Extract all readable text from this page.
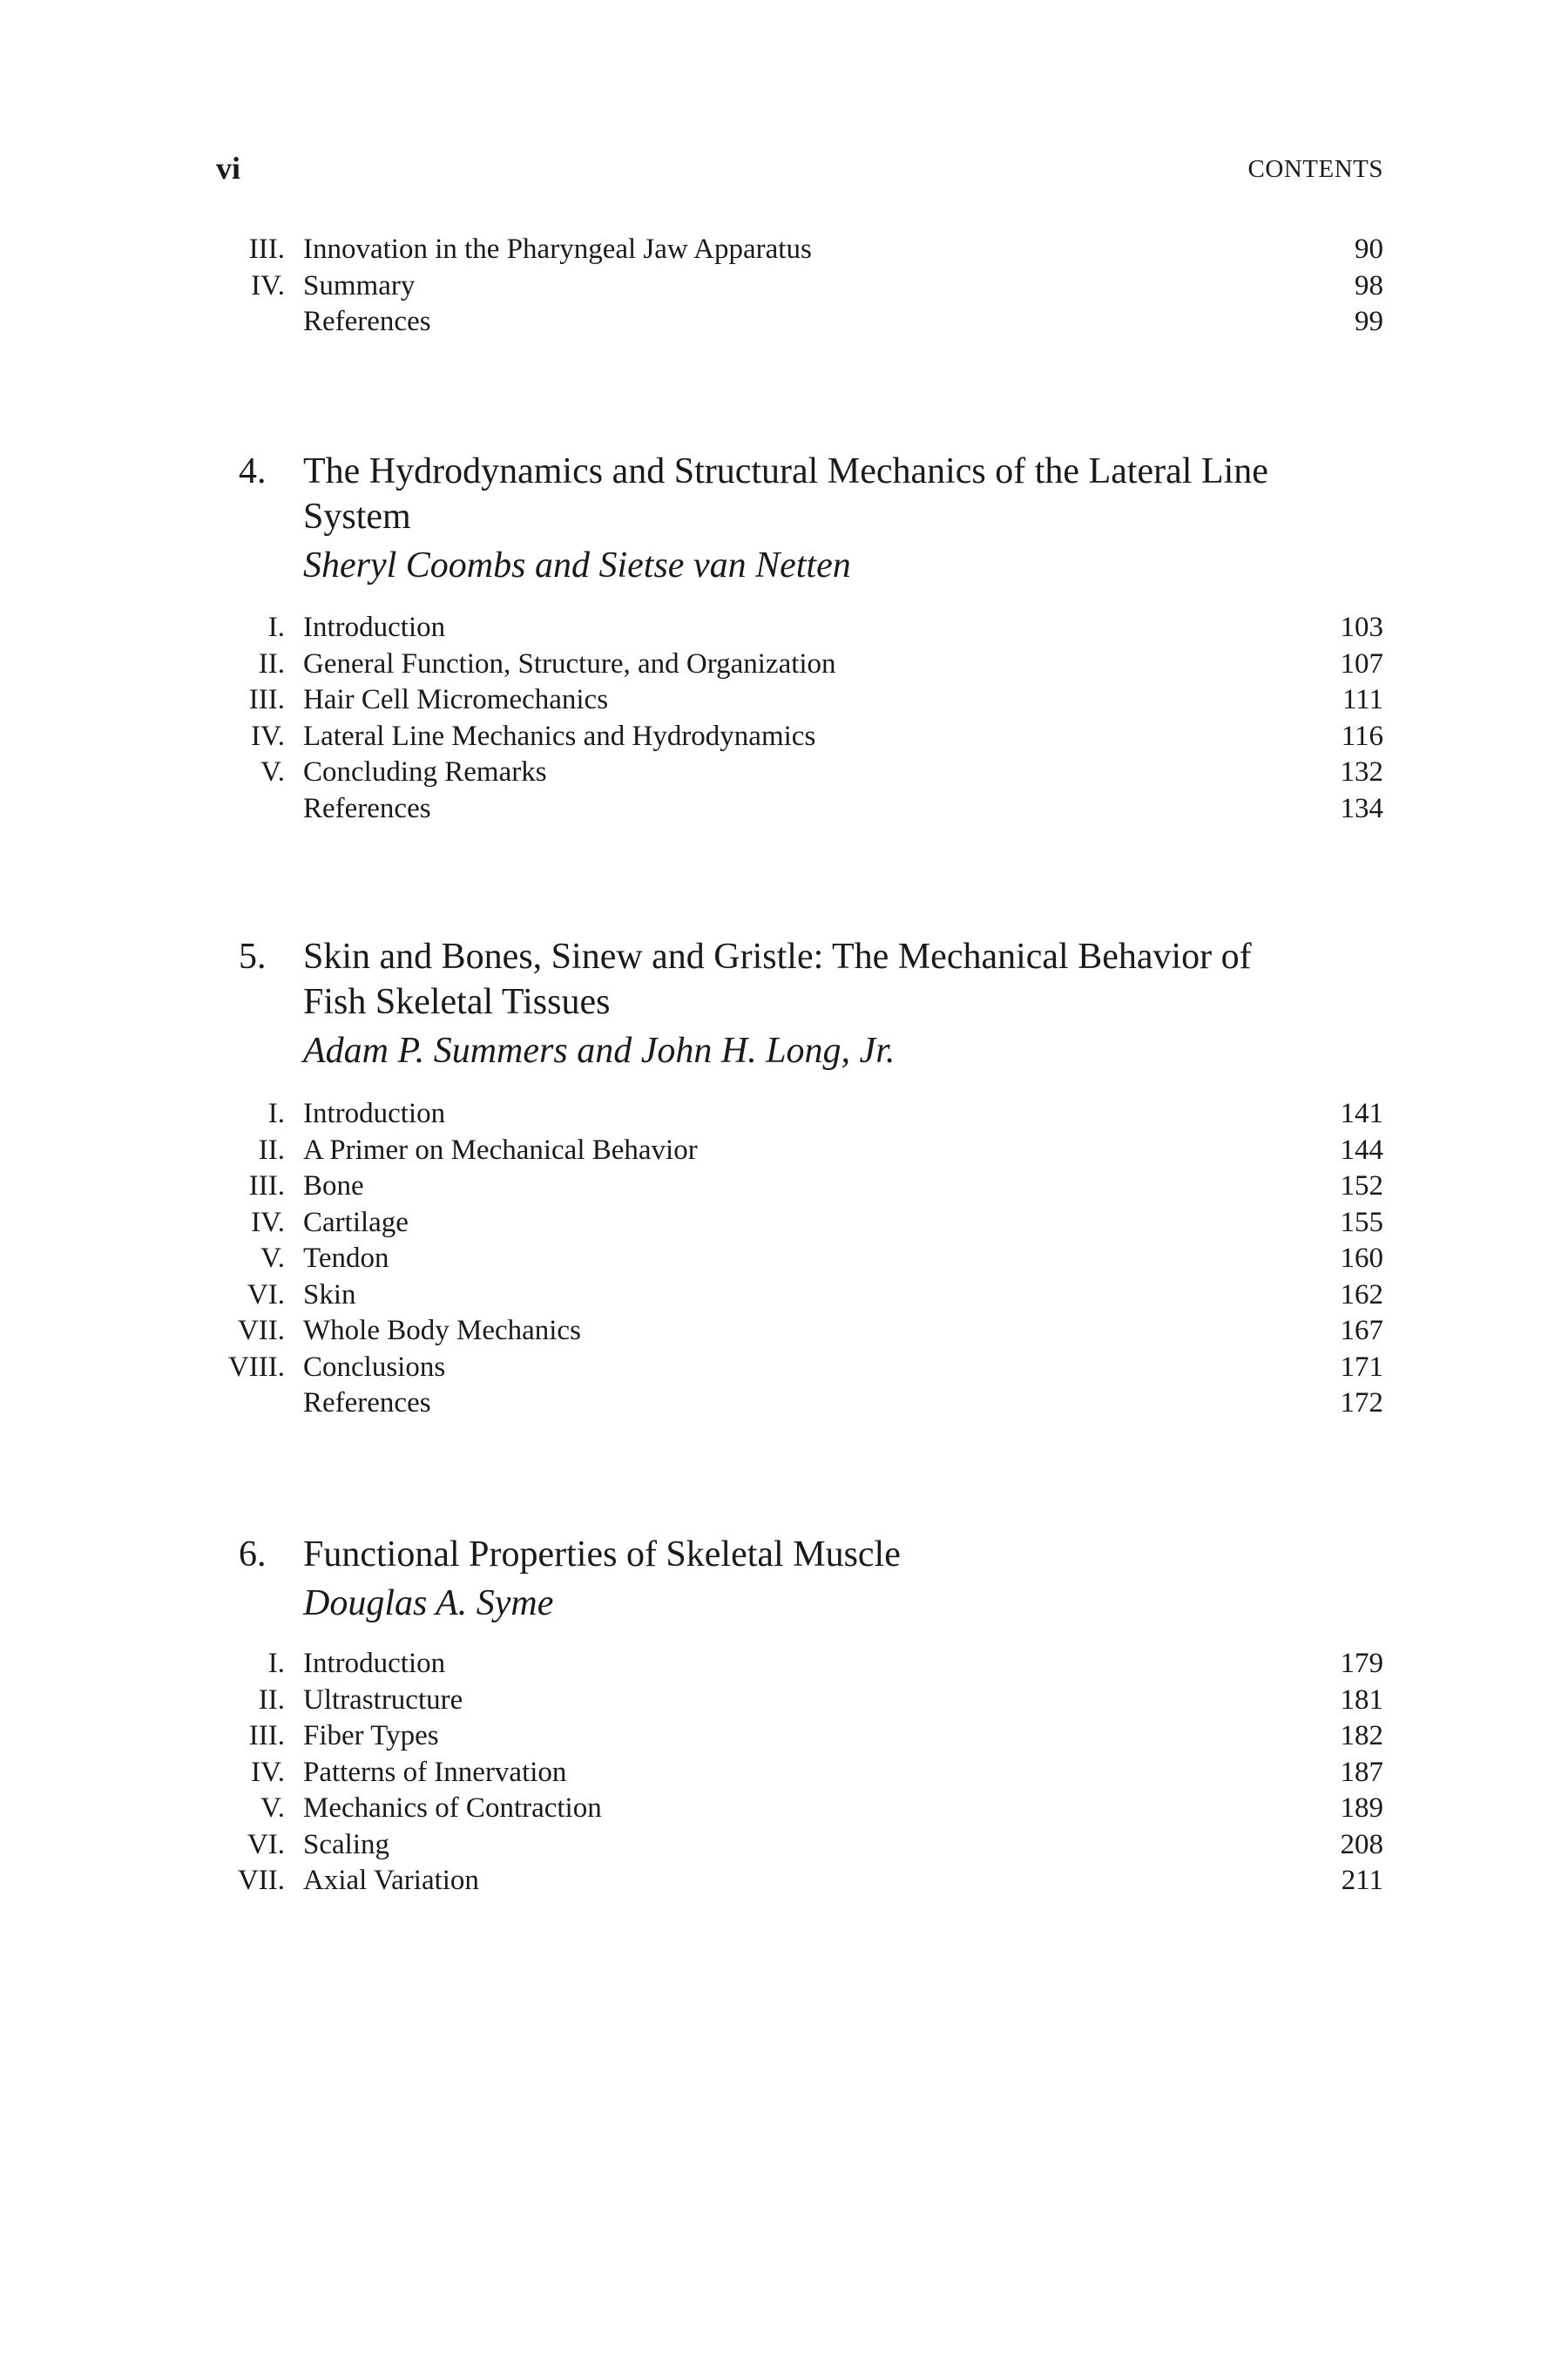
vi	CONTENTS
III. Innovation in the Pharyngeal Jaw Apparatus	90
IV. Summary	98
References	99
4. The Hydrodynamics and Structural Mechanics of the Lateral Line System
Sheryl Coombs and Sietse van Netten
I. Introduction	103
II. General Function, Structure, and Organization	107
III. Hair Cell Micromechanics	111
IV. Lateral Line Mechanics and Hydrodynamics	116
V. Concluding Remarks	132
References	134
5. Skin and Bones, Sinew and Gristle: The Mechanical Behavior of Fish Skeletal Tissues
Adam P. Summers and John H. Long, Jr.
I. Introduction	141
II. A Primer on Mechanical Behavior	144
III. Bone	152
IV. Cartilage	155
V. Tendon	160
VI. Skin	162
VII. Whole Body Mechanics	167
VIII. Conclusions	171
References	172
6. Functional Properties of Skeletal Muscle
Douglas A. Syme
I. Introduction	179
II. Ultrastructure	181
III. Fiber Types	182
IV. Patterns of Innervation	187
V. Mechanics of Contraction	189
VI. Scaling	208
VII. Axial Variation	211
